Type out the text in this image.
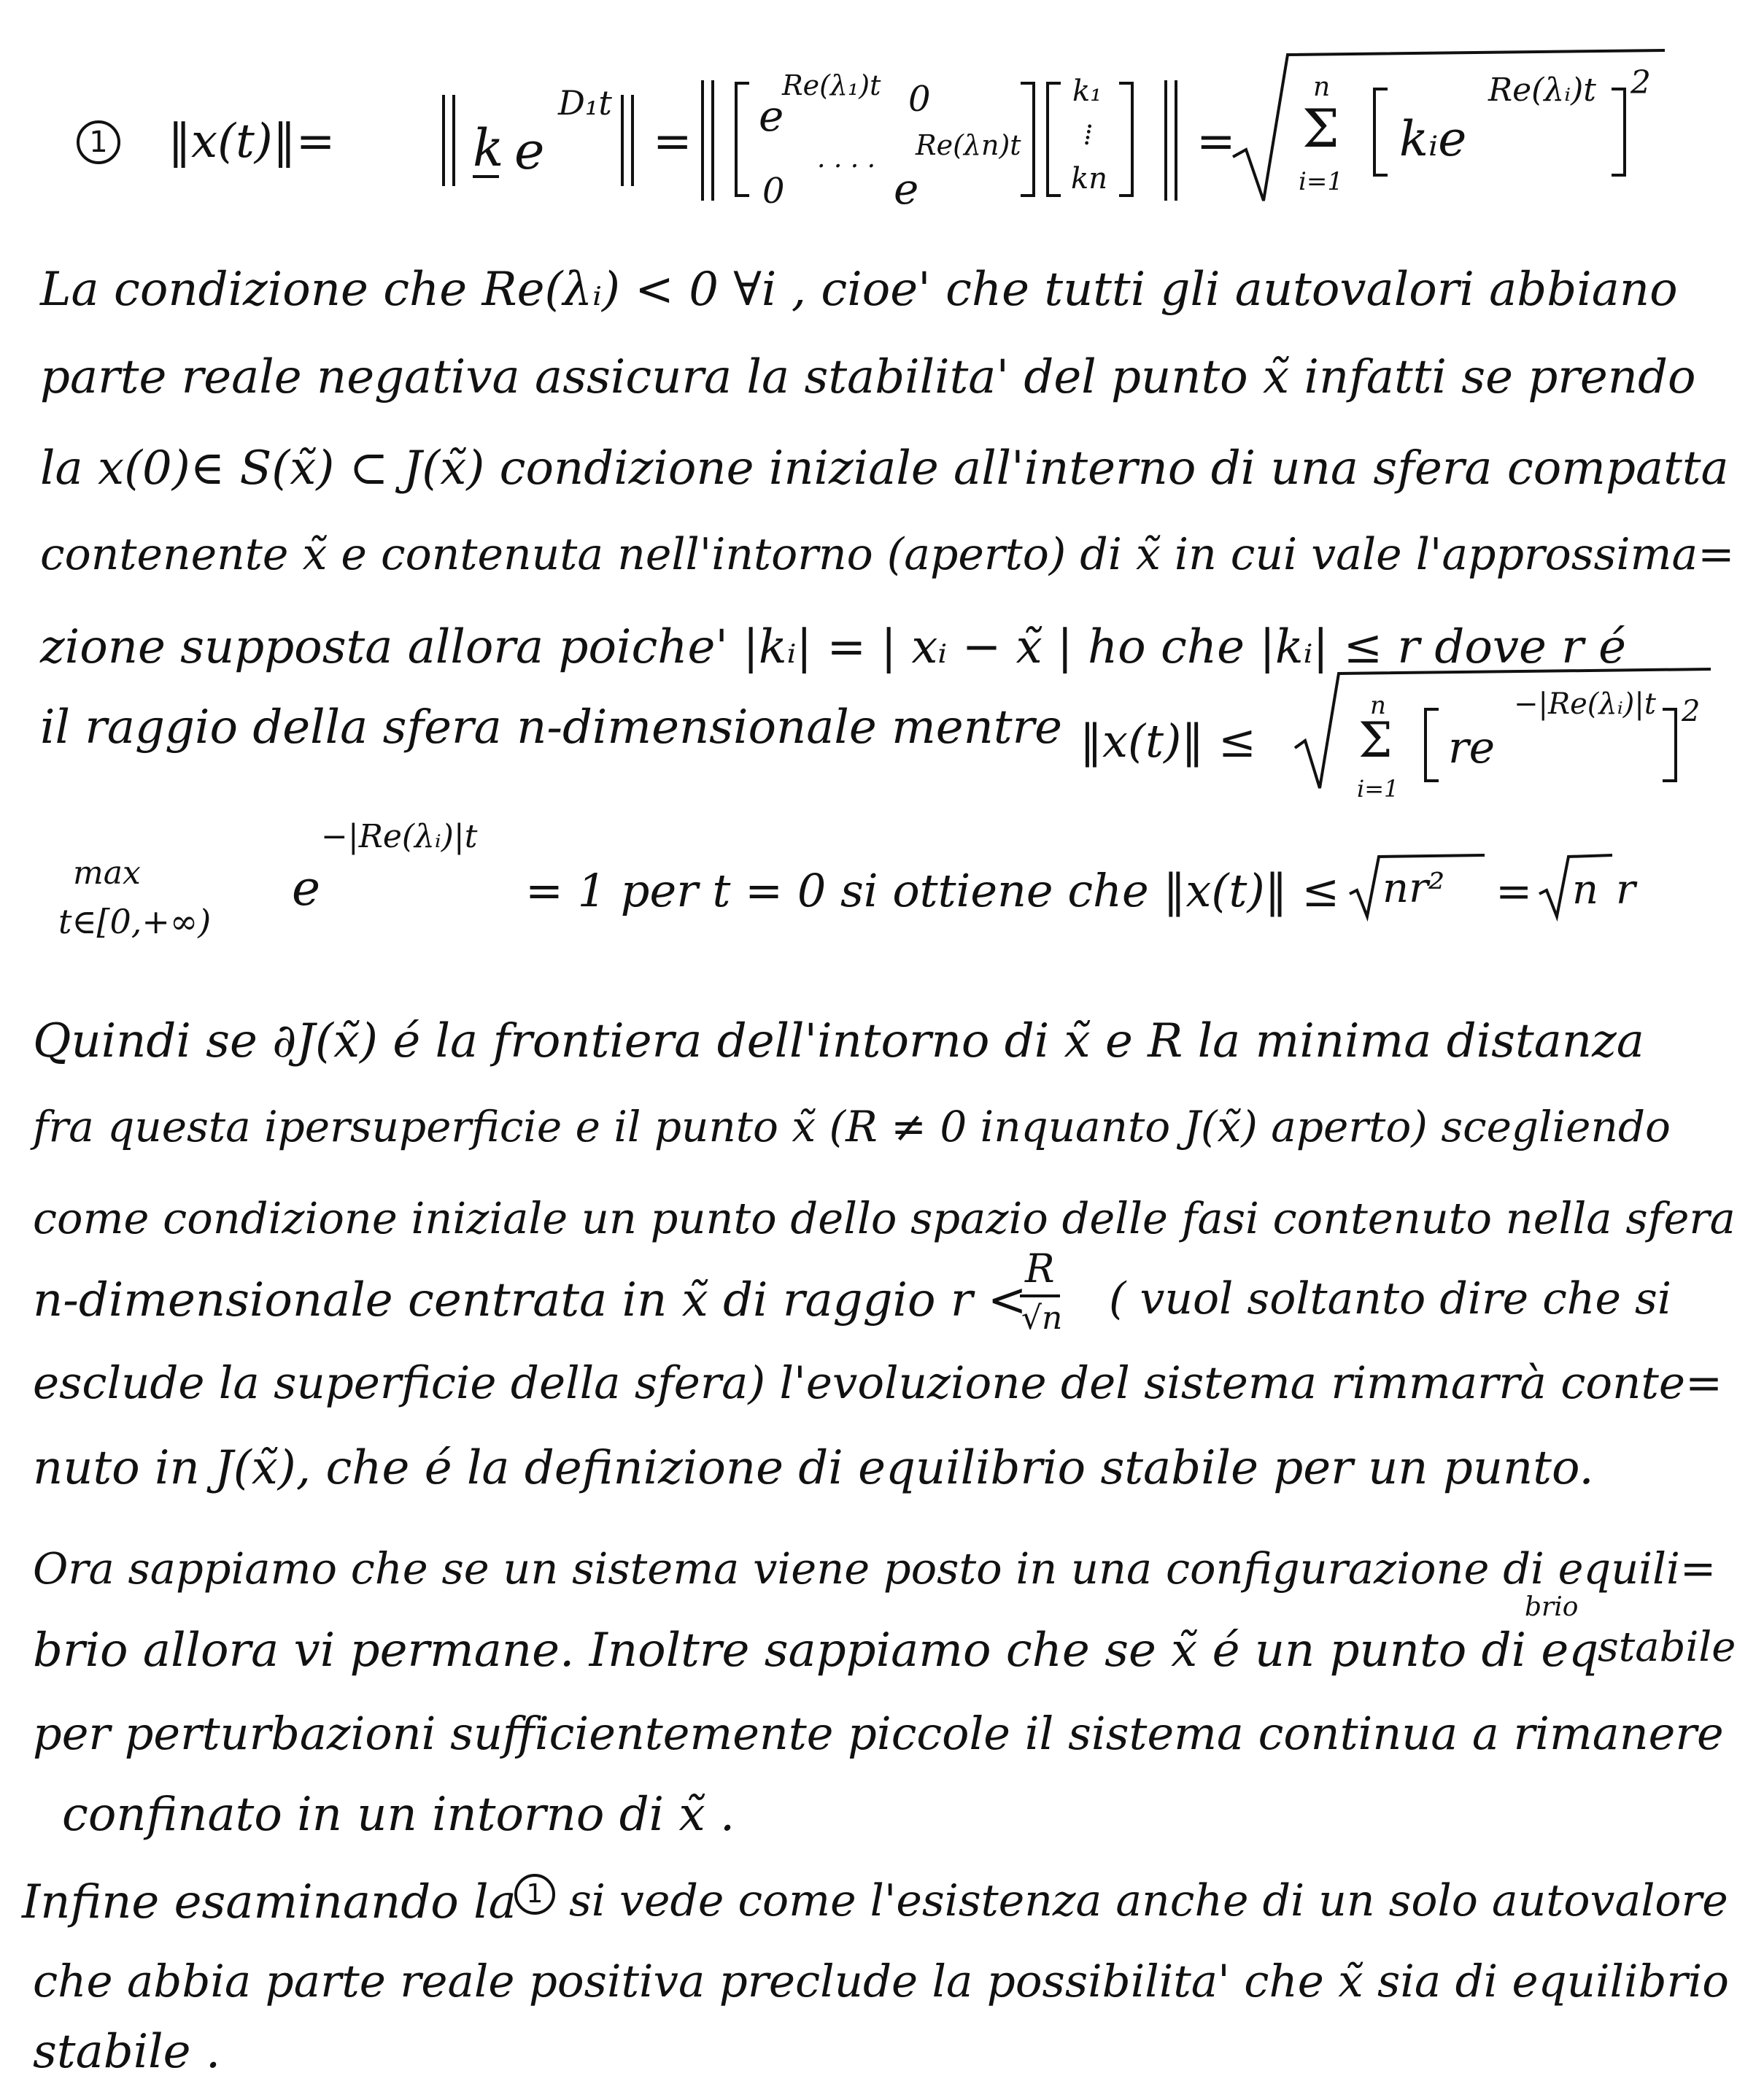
1 ‖x(t)‖=	k e
D₁t
= e
Re(λ₁)t 0
. . . .
0	e
Re(λn)t
k₁
⁞
kn
=
n
Σ
i=1
kᵢe
Re(λᵢ)t 2
La condizione che Re(λᵢ) < 0 ∀i , cioe' che tutti gli autovalori abbiano
parte reale negativa assicura la stabilita' del punto x̃ infatti se prendo
la x(0)∈ S(x̃) ⊂ J(x̃) condizione iniziale all'interno di una sfera compatta
contenente x̃ e contenuta nell'intorno (aperto) di x̃ in cui vale l'approssima=
zione supposta allora poiche' |kᵢ| = | xᵢ − x̃ | ho che |kᵢ| ≤ r dove r é
il raggio della sfera n-dimensionale mentre ‖x(t)‖ ≤
n
Σ
i=1
re
−|Re(λᵢ)|t 2
max
t∈[0,+∞)
e
−|Re(λᵢ)|t
= 1 per t = 0 si ottiene che ‖x(t)‖ ≤ nr² = n r
Quindi se ∂J(x̃) é la frontiera dell'intorno di x̃ e R la minima distanza
fra questa ipersuperficie e il punto x̃ (R ≠ 0 inquanto J(x̃) aperto) scegliendo
come condizione iniziale un punto dello spazio delle fasi contenuto nella sfera
n-dimensionale centrata in x̃ di raggio r <
R
√n ( vuol soltanto dire che si
esclude la superficie della sfera) l'evoluzione del sistema rimmarrà conte=
nuto in J(x̃), che é la definizione di equilibrio stabile per un punto.
Ora sappiamo che se un sistema viene posto in una configurazione di equili=
brio allora vi permane. Inoltre sappiamo che se x̃ é un punto di eq
brio
stabile
per perturbazioni sufficientemente piccole il sistema continua a rimanere
confinato in un intorno di x̃ .
Infine esaminando la 1 si vede come l'esistenza anche di un solo autovalore
che abbia parte reale positiva preclude la possibilita' che x̃ sia di equilibrio
stabile .
